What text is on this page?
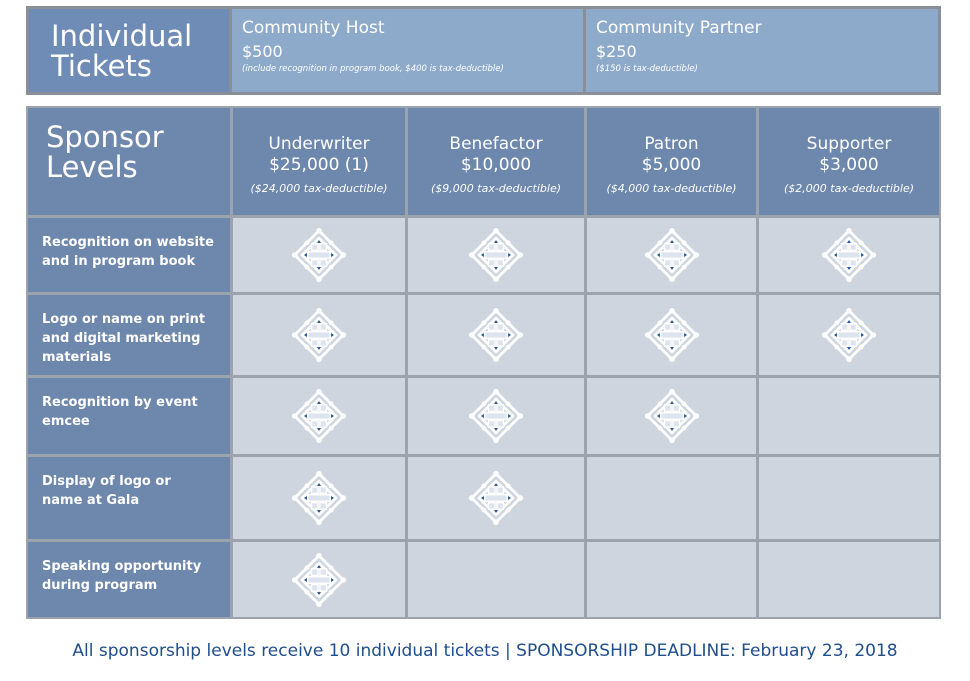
Individual
Tickets
Community Host
$500
(include recognition in program book, $400 is tax-deductible)
Community Partner
$250
($150 is tax-deductible)
Sponsor
Levels
Underwriter
$25,000 (1)
($24,000 tax-deductible)
Benefactor
$10,000
($9,000 tax-deductible)
Patron
$5,000
($4,000 tax-deductible)
Supporter
$3,000
($2,000 tax-deductible)
Recognition on website
and in program book
Logo or name on print
and digital marketing
materials
Recognition by event
emcee
Display of logo or
name at Gala
Speaking opportunity
during program
All sponsorship levels receive 10 individual tickets | SPONSORSHIP DEADLINE: February 23, 2018
